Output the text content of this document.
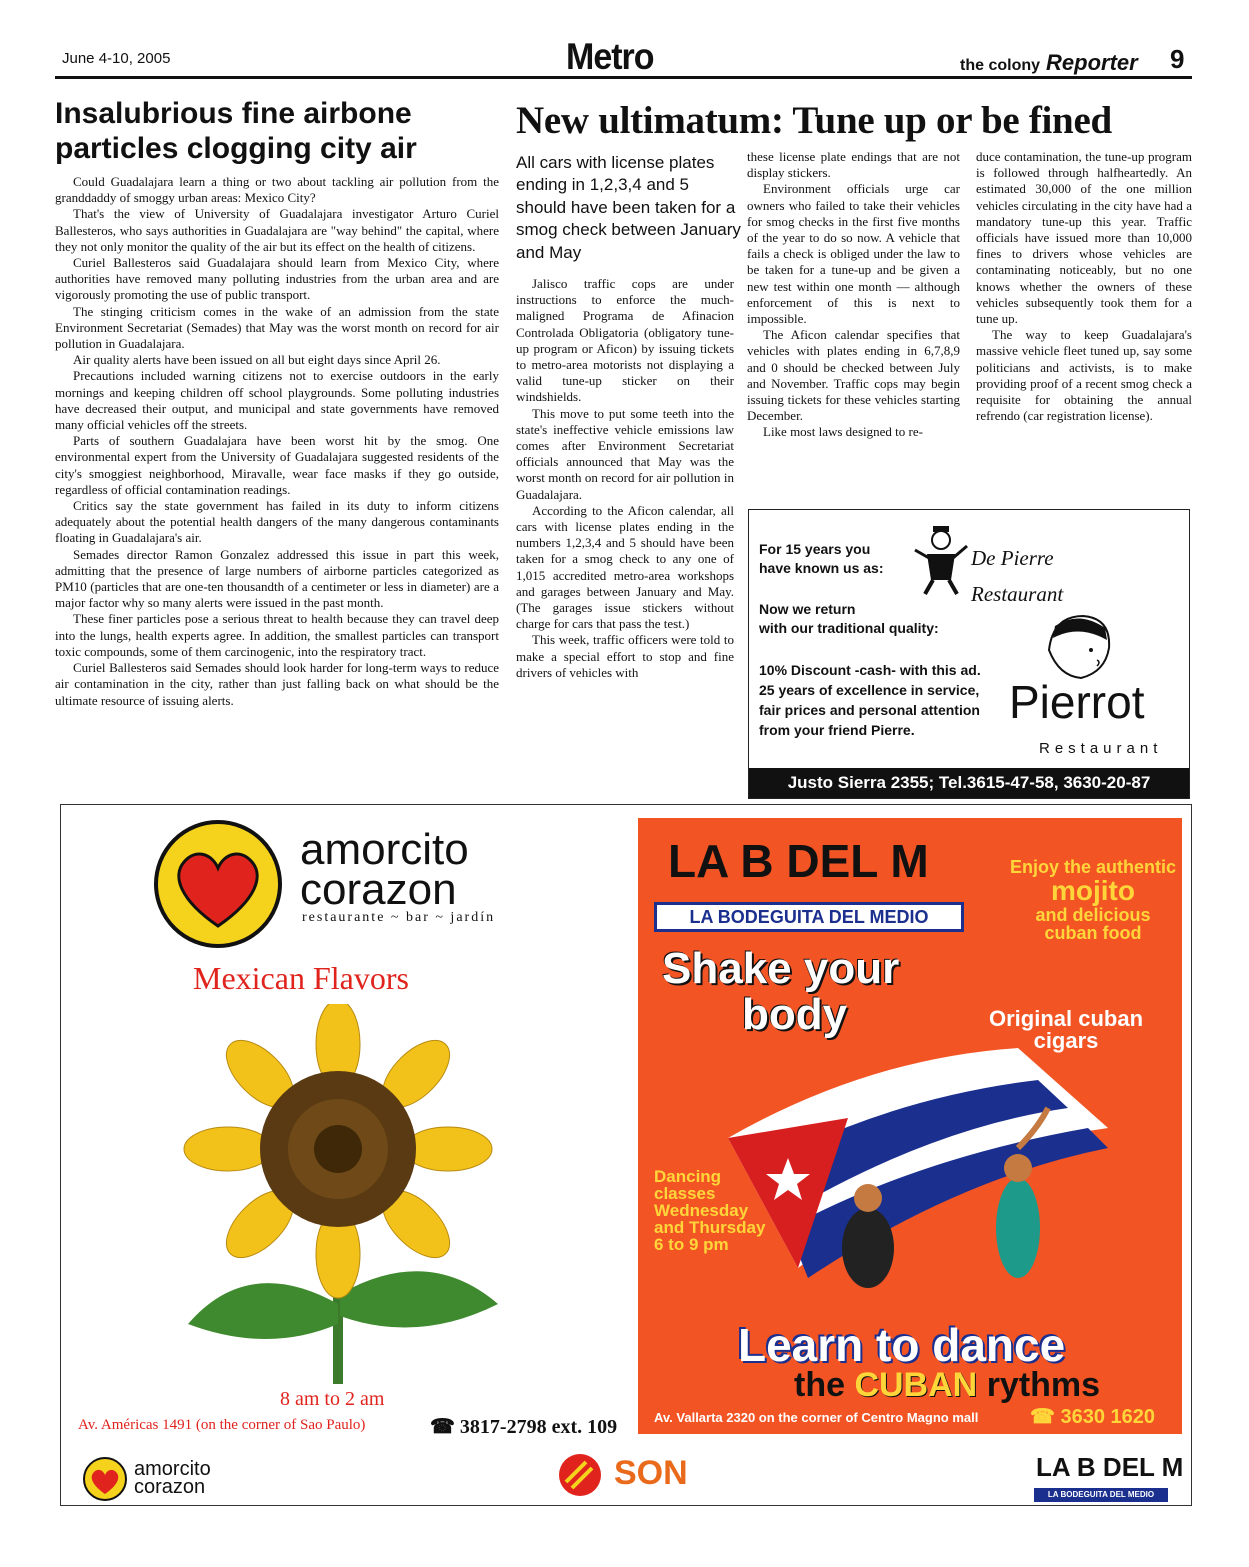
June 4-10, 2005	Metro	the colony Reporter 9
Insalubrious fine airbone particles clogging city air

Could Guadalajara learn a thing or two about tackling air pollution from the granddaddy of smoggy urban areas: Mexico City?

That's the view of University of Guadalajara investigator Arturo Curiel Ballesteros, who says authorities in Guadalajara are "way behind" the capital, where they not only monitor the quality of the air but its effect on the health of citizens.

Curiel Ballesteros said Guadalajara should learn from Mexico City, where authorities have removed many polluting industries from the urban area and are vigorously promoting the use of public transport.

The stinging criticism comes in the wake of an admission from the state Environment Secretariat (Semades) that May was the worst month on record for air pollution in Guadalajara.

Air quality alerts have been issued on all but eight days since April 26.

Precautions included warning citizens not to exercise outdoors in the early mornings and keeping children off school playgrounds. Some polluting industries have decreased their output, and municipal and state governments have removed many official vehicles off the streets.

Parts of southern Guadalajara have been worst hit by the smog. One environmental expert from the University of Guadalajara suggested residents of the city's smoggiest neighborhood, Miravalle, wear face masks if they go outside, regardless of official contamination readings.

Critics say the state government has failed in its duty to inform citizens adequately about the potential health dangers of the many dangerous contaminants floating in Guadalajara's air.

Semades director Ramon Gonzalez addressed this issue in part this week, admitting that the presence of large numbers of airborne particles categorized as PM10 (particles that are one-ten thousandth of a centimeter or less in diameter) are a major factor why so many alerts were issued in the past month.

These finer particles pose a serious threat to health because they can travel deep into the lungs, health experts agree. In addition, the smallest particles can transport toxic compounds, some of them carcinogenic, into the respiratory tract.

Curiel Ballesteros said Semades should look harder for long-term ways to reduce air contamination in the city, rather than just falling back on what should be the ultimate resource of issuing alerts.

New ultimatum: Tune up or be fined
All cars with license plates ending in 1,2,3,4 and 5 should have been taken for a smog check between January and May

Jalisco traffic cops are under instructions to enforce the much-maligned Programa de Afinacion Controlada Obligatoria (obligatory tune-up program or Aficon) by issuing tickets to metro-area motorists not displaying a valid tune-up sticker on their windshields.

This move to put some teeth into the state's ineffective vehicle emissions law comes after Environment Secretariat officials announced that May was the worst month on record for air pollution in Guadalajara.

According to the Aficon calendar, all cars with license plates ending in the numbers 1,2,3,4 and 5 should have been taken for a smog check to any one of 1,015 accredited metro-area workshops and garages between January and May. (The garages issue stickers without charge for cars that pass the test.)

This week, traffic officers were told to make a special effort to stop and fine drivers of vehicles with

these license plate endings that are not display stickers.

Environment officials urge car owners who failed to take their vehicles for smog checks in the first five months of the year to do so now. A vehicle that fails a check is obliged under the law to be taken for a tune-up and be given a new test within one month — although enforcement of this is next to impossible.

The Aficon calendar specifies that vehicles with plates ending in 6,7,8,9 and 0 should be checked between July and November. Traffic cops may begin issuing tickets for these vehicles starting December.

Like most laws designed to re-

duce contamination, the tune-up program is followed through halfheartedly. An estimated 30,000 of the one million vehicles circulating in the city have had a mandatory tune-up this year. Traffic officials have issued more than 10,000 fines to drivers whose vehicles are contaminating noticeably, but no one knows whether the owners of these vehicles subsequently took them for a tune up.

The way to keep Guadalajara's massive vehicle fleet tuned up, say some politicians and activists, is to make providing proof of a recent smog check a requisite for obtaining the annual refrendo (car registration license).

For 15 years you
have known us as:	De Pierre
Restaurant
Now we return
with our traditional quality:
10% Discount -cash- with this ad.
25 years of excellence in service,
fair prices and personal attention
from your friend Pierre.
Pierrot
Restaurant
Justo Sierra 2355; Tel.3615-47-58, 3630-20-87
amorcito
corazon
restaurante ~ bar ~ jardín
Mexican Flavors
8 am to 2 am
Av. Américas 1491 (on the corner of Sao Paulo)	☎ 3817-2798 ext. 109
LA B DEL M
LA BODEGUITA DEL MEDIO
Shake your
body
Enjoy the authentic
mojito
and delicious cuban food
Original cuban cigars
Dancing
classes
Wednesday
and Thursday
6 to 9 pm
Learn to dance
the CUBAN rythms
Av. Vallarta 2320 on the corner of Centro Magno mall	☎ 3630 1620
amorcito
corazon	SON	LA B DEL M
LA BODEGUITA DEL MEDIO
